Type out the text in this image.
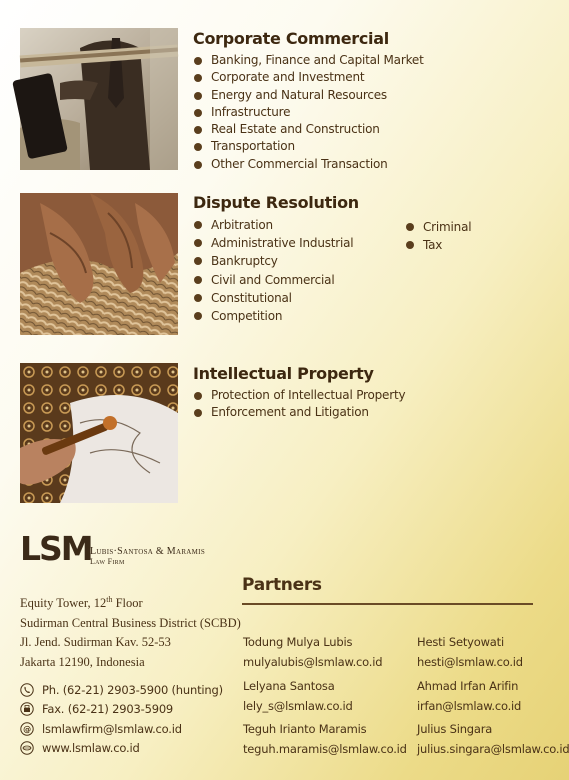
Corporate Commercial
Banking, Finance and Capital Market
Corporate and Investment
Energy and Natural Resources
Infrastructure
Real Estate and Construction
Transportation
Other Commercial Transaction
Dispute Resolution
Arbitration
Administrative Industrial
Bankruptcy
Civil and Commercial
Constitutional
Competition
Criminal
Tax
Intellectual Property
Protection of Intellectual Property
Enforcement and Litigation
LSM
Lubis·Santosa & Maramis
Law Firm
Equity Tower, 12th Floor
Sudirman Central Business District (SCBD)
Jl. Jend. Sudirman Kav. 52-53
Jakarta 12190, Indonesia
Ph. (62-21) 2903-5900 (hunting)
Fax. (62-21) 2903-5909
@ lsmlawfirm@lsmlaw.co.id
www.lsmlaw.co.id
Partners
Todung Mulya Lubis
mulyalubis@lsmlaw.co.id
Hesti Setyowati
hesti@lsmlaw.co.id
Lelyana Santosa
lely_s@lsmlaw.co.id
Ahmad Irfan Arifin
irfan@lsmlaw.co.id
Teguh Irianto Maramis
teguh.maramis@lsmlaw.co.id
Julius Singara
julius.singara@lsmlaw.co.id
